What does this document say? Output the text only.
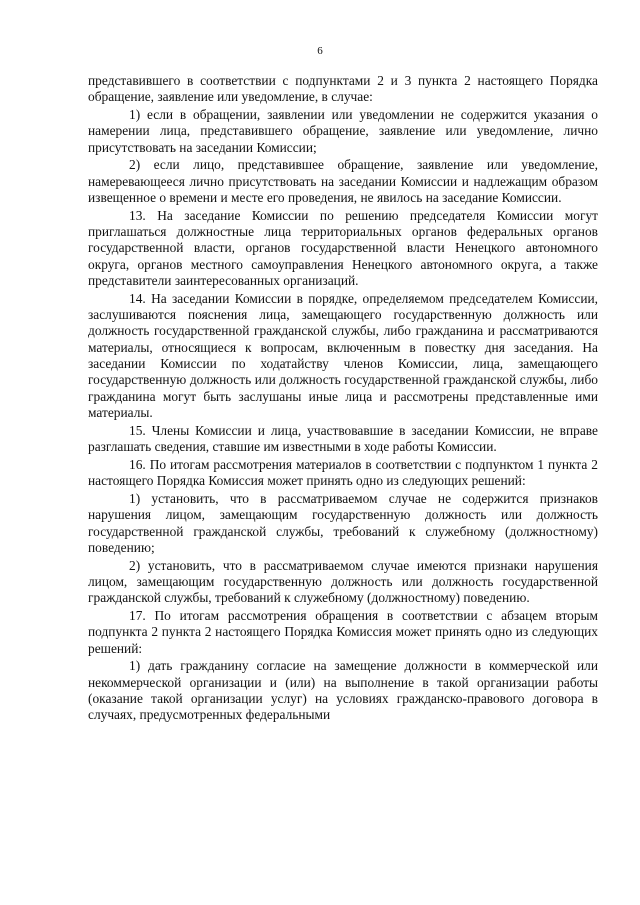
6

представившего в соответствии с подпунктами 2 и 3 пункта 2 настоящего Порядка обращение, заявление или уведомление, в случае:

1) если в обращении, заявлении или уведомлении не содержится указания о намерении лица, представившего обращение, заявление или уведомление, лично присутствовать на заседании Комиссии;

2) если лицо, представившее обращение, заявление или уведомление, намеревающееся лично присутствовать на заседании Комиссии и надлежащим образом извещенное о времени и месте его проведения, не явилось на заседание Комиссии.

13. На заседание Комиссии по решению председателя Комиссии могут приглашаться должностные лица территориальных органов федеральных органов государственной власти, органов государственной власти Ненецкого автономного округа, органов местного самоуправления Ненецкого автономного округа, а также представители заинтересованных организаций.

14. На заседании Комиссии в порядке, определяемом председателем Комиссии, заслушиваются пояснения лица, замещающего государственную должность или должность государственной гражданской службы, либо гражданина и рассматриваются материалы, относящиеся к вопросам, включенным в повестку дня заседания. На заседании Комиссии по ходатайству членов Комиссии, лица, замещающего государственную должность или должность государственной гражданской службы, либо гражданина могут быть заслушаны иные лица и рассмотрены представленные ими материалы.

15. Члены Комиссии и лица, участвовавшие в заседании Комиссии, не вправе разглашать сведения, ставшие им известными в ходе работы Комиссии.

16. По итогам рассмотрения материалов в соответствии с подпунктом 1 пункта 2 настоящего Порядка Комиссия может принять одно из следующих решений:

1) установить, что в рассматриваемом случае не содержится признаков нарушения лицом, замещающим государственную должность или должность государственной гражданской службы, требований к служебному (должностному) поведению;

2) установить, что в рассматриваемом случае имеются признаки нарушения лицом, замещающим государственную должность или должность государственной гражданской службы, требований к служебному (должностному) поведению.

17. По итогам рассмотрения обращения в соответствии с абзацем вторым подпункта 2 пункта 2 настоящего Порядка Комиссия может принять одно из следующих решений:

1) дать гражданину согласие на замещение должности в коммерческой или некоммерческой организации и (или) на выполнение в такой организации работы (оказание такой организации услуг) на условиях гражданско-правового договора в случаях, предусмотренных федеральными
